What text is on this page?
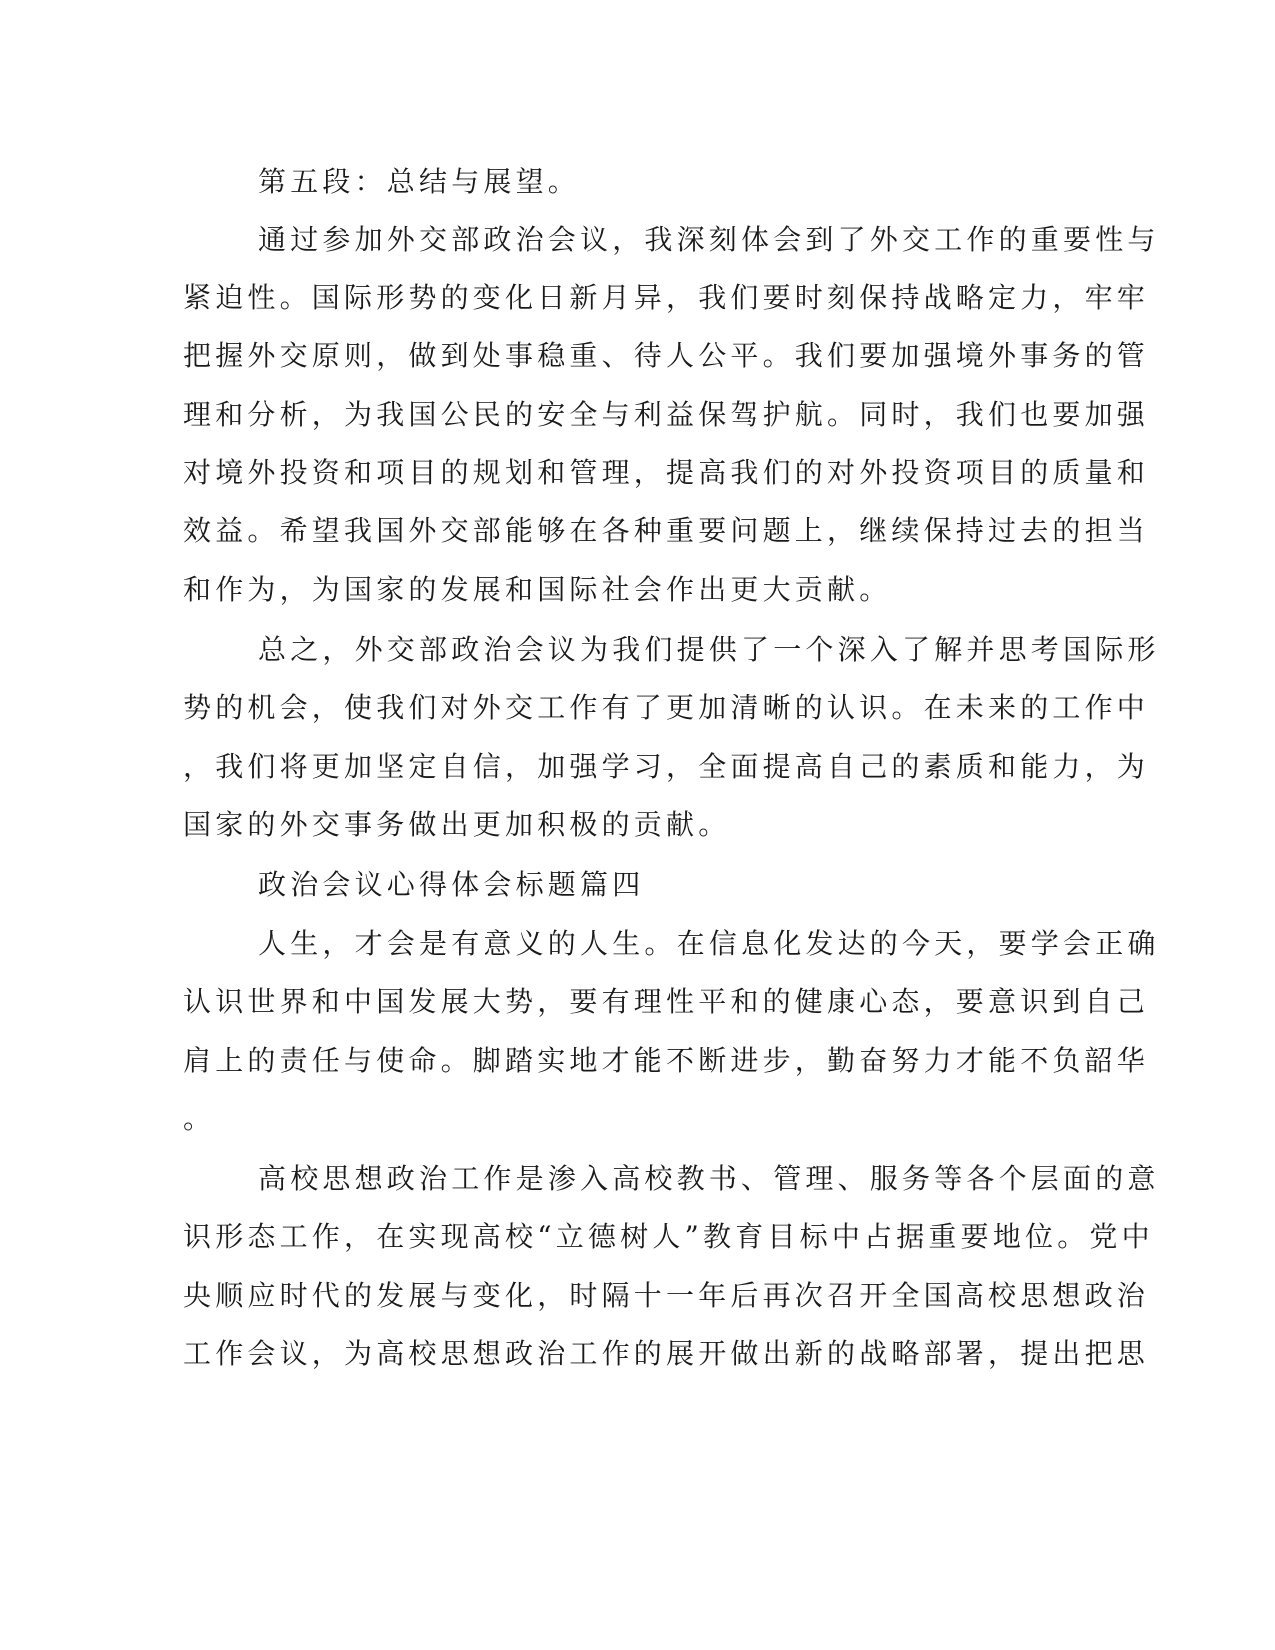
第五段：总结与展望。
通过参加外交部政治会议，我深刻体会到了外交工作的重要性与
紧迫性。国际形势的变化日新月异，我们要时刻保持战略定力，牢牢
把握外交原则，做到处事稳重、待人公平。我们要加强境外事务的管
理和分析，为我国公民的安全与利益保驾护航。同时，我们也要加强
对境外投资和项目的规划和管理，提高我们的对外投资项目的质量和
效益。希望我国外交部能够在各种重要问题上，继续保持过去的担当
和作为，为国家的发展和国际社会作出更大贡献。
总之，外交部政治会议为我们提供了一个深入了解并思考国际形
势的机会，使我们对外交工作有了更加清晰的认识。在未来的工作中
，我们将更加坚定自信，加强学习，全面提高自己的素质和能力，为
国家的外交事务做出更加积极的贡献。
政治会议心得体会标题篇四
人生，才会是有意义的人生。在信息化发达的今天，要学会正确
认识世界和中国发展大势，要有理性平和的健康心态，要意识到自己
肩上的责任与使命。脚踏实地才能不断进步，勤奋努力才能不负韶华
。
高校思想政治工作是渗入高校教书、管理、服务等各个层面的意
识形态工作，在实现高校“立德树人”教育目标中占据重要地位。党中
央顺应时代的发展与变化，时隔十一年后再次召开全国高校思想政治
工作会议，为高校思想政治工作的展开做出新的战略部署，提出把思
